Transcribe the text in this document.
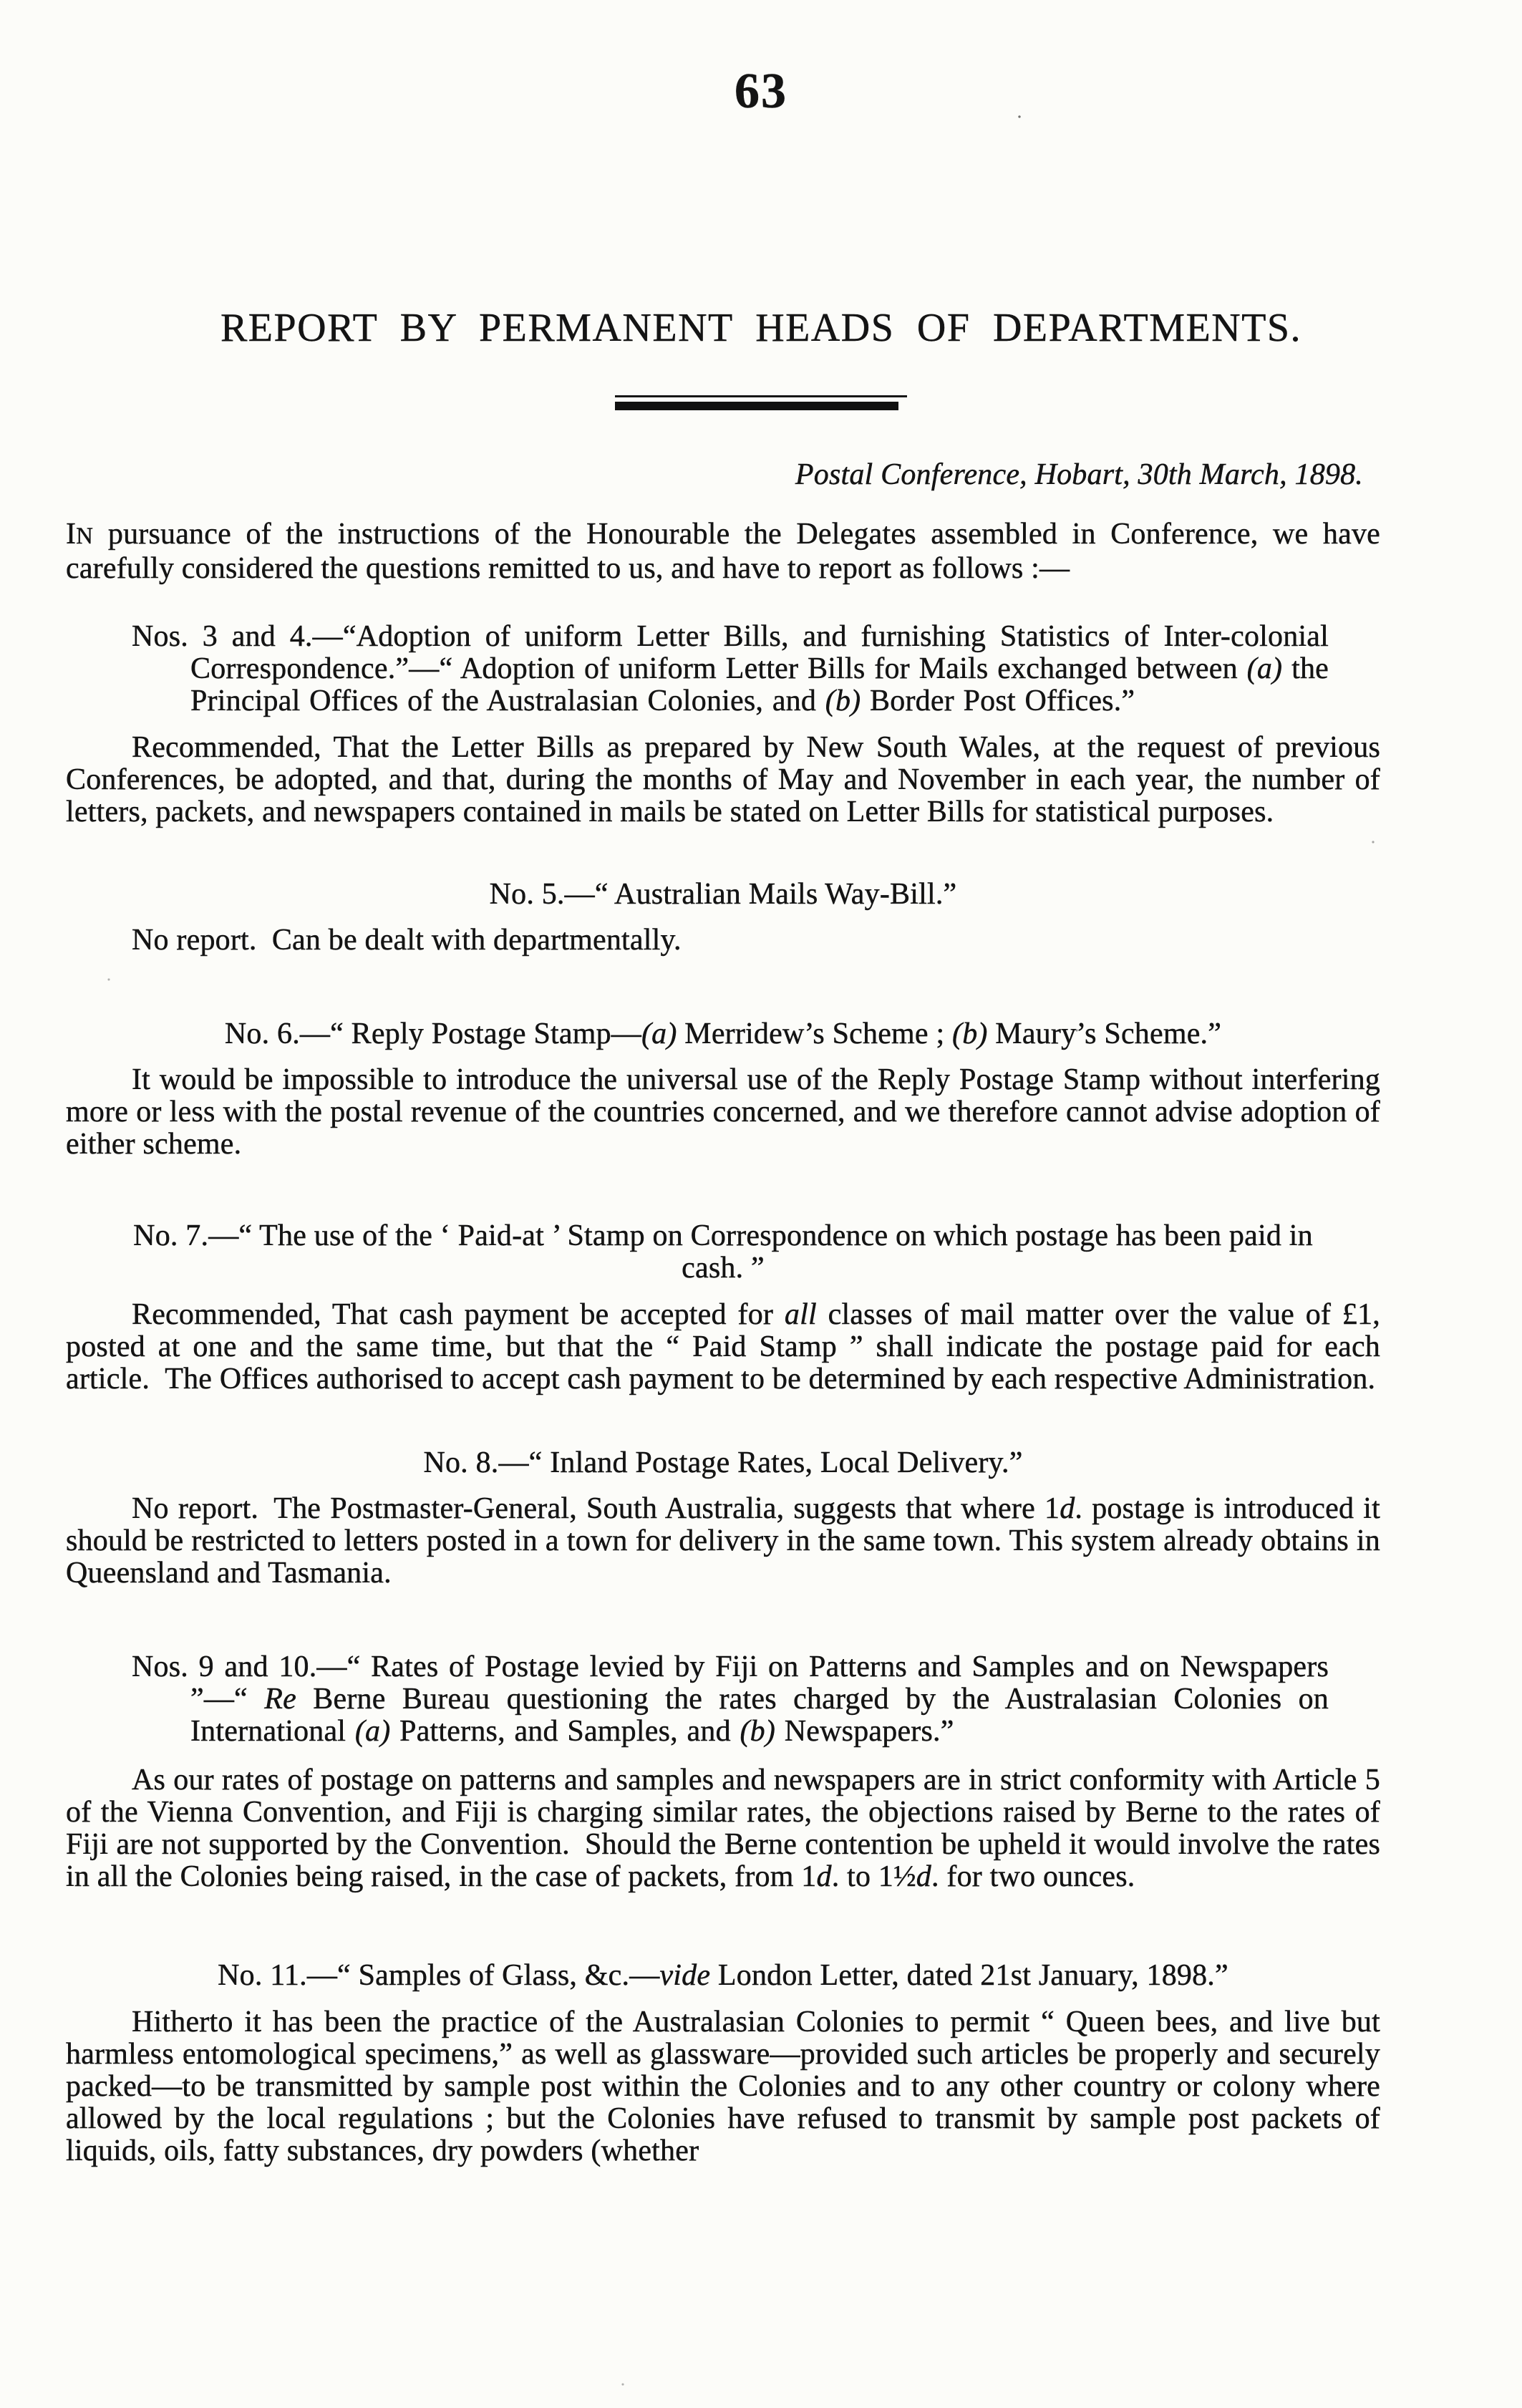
63
REPORT BY PERMANENT HEADS OF DEPARTMENTS.
Postal Conference, Hobart, 30th March, 1898.

IN pursuance of the instructions of the Honourable the Delegates assembled in Conference, we have carefully considered the questions remitted to us, and have to report as follows :—

Nos. 3 and 4.—“Adoption of uniform Letter Bills, and furnishing Statistics of Inter-colonial Correspondence.”—“ Adoption of uniform Letter Bills for Mails exchanged between (a) the Principal Offices of the Australasian Colonies, and (b) Border Post Offices.”

Recommended, That the Letter Bills as prepared by New South Wales, at the request of previous Conferences, be adopted, and that, during the months of May and November in each year, the number of letters, packets, and newspapers contained in mails be stated on Letter Bills for statistical purposes.

No. 5.—“ Australian Mails Way-Bill.”

No report. Can be dealt with departmentally.

No. 6.—“ Reply Postage Stamp—(a) Merridew’s Scheme ; (b) Maury’s Scheme.”

It would be impossible to introduce the universal use of the Reply Postage Stamp without interfering more or less with the postal revenue of the countries concerned, and we therefore cannot advise adoption of either scheme.

No. 7.—“ The use of the ‘ Paid-at ’ Stamp on Correspondence on which postage has been paid in cash. ”

Recommended, That cash payment be accepted for all classes of mail matter over the value of £1, posted at one and the same time, but that the “ Paid Stamp ” shall indicate the postage paid for each article. The Offices authorised to accept cash payment to be determined by each respective Administration.

No. 8.—“ Inland Postage Rates, Local Delivery.”

No report. The Postmaster-General, South Australia, suggests that where 1d. postage is introduced it should be restricted to letters posted in a town for delivery in the same town. This system already obtains in Queensland and Tasmania.

Nos. 9 and 10.—“ Rates of Postage levied by Fiji on Patterns and Samples and on Newspapers ”—“ Re Berne Bureau questioning the rates charged by the Australasian Colonies on International (a) Patterns, and Samples, and (b) Newspapers.”

As our rates of postage on patterns and samples and newspapers are in strict conformity with Article 5 of the Vienna Convention, and Fiji is charging similar rates, the objections raised by Berne to the rates of Fiji are not supported by the Convention. Should the Berne contention be upheld it would involve the rates in all the Colonies being raised, in the case of packets, from 1d. to 1½d. for two ounces.

No. 11.—“ Samples of Glass, &c.—vide London Letter, dated 21st January, 1898.”

Hitherto it has been the practice of the Australasian Colonies to permit “ Queen bees, and live but harmless entomological specimens,” as well as glassware—provided such articles be properly and securely packed—to be transmitted by sample post within the Colonies and to any other country or colony where allowed by the local regulations ; but the Colonies have refused to transmit by sample post packets of liquids, oils, fatty substances, dry powders (whether
